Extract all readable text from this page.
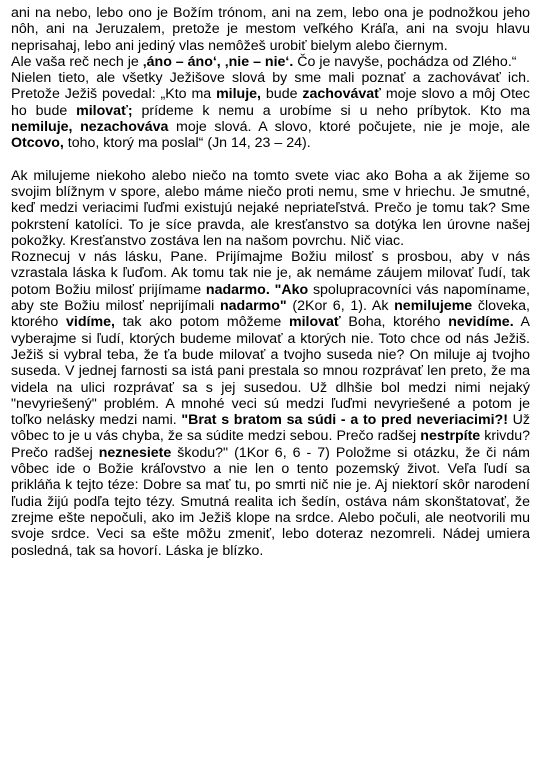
ani na nebo, lebo ono je Božím trónom, ani na zem, lebo ona je podnožkou jeho nôh, ani na Jeruzalem, pretože je mestom veľkého Kráľa, ani na svoju hlavu neprisahaj, lebo ani jediný vlas nemôžeš urobiť bielym alebo čiernym.

Ale vaša reč nech je ‚áno – áno‘, ‚nie – nie‘. Čo je navyše, pochádza od Zlého.“

Nielen tieto, ale všetky Ježišove slová by sme mali poznať a zachovávať ich. Pretože Ježiš povedal: „Kto ma miluje, bude zachovávať moje slovo a môj Otec ho bude milovať; prídeme k nemu a urobíme si u neho príbytok. Kto ma nemiluje, nezachováva moje slová. A slovo, ktoré počujete, nie je moje, ale Otcovo, toho, ktorý ma poslal“ (Jn 14, 23 – 24).

Ak milujeme niekoho alebo niečo na tomto svete viac ako Boha a ak žijeme so svojim blížnym v spore, alebo máme niečo proti nemu, sme v hriechu. Je smutné, keď medzi veriacimi ľuďmi existujú nejaké nepriateľstvá. Prečo je tomu tak? Sme pokrstení katolíci. To je síce pravda, ale kresťanstvo sa dotýka len úrovne našej pokožky. Kresťanstvo zostáva len na našom povrchu. Nič viac.

Roznecuj v nás lásku, Pane. Prijímajme Božiu milosť s prosbou, aby v nás vzrastala láska k ľuďom. Ak tomu tak nie je, ak nemáme záujem milovať ľudí, tak potom Božiu milosť prijímame nadarmo. "Ako spolupracovníci vás napomíname, aby ste Božiu milosť neprijímali nadarmo" (2Kor 6, 1). Ak nemilujeme človeka, ktorého vidíme, tak ako potom môžeme milovať Boha, ktorého nevidíme. A vyberajme si ľudí, ktorých budeme milovať a ktorých nie. Toto chce od nás Ježiš. Ježiš si vybral teba, že ťa bude milovať a tvojho suseda nie? On miluje aj tvojho suseda. V jednej farnosti sa istá pani prestala so mnou rozprávať len preto, že ma videla na ulici rozprávať sa s jej susedou. Už dlhšie bol medzi nimi nejaký "nevyriešený" problém. A mnohé veci sú medzi ľuďmi nevyriešené a potom je toľko nelásky medzi nami. "Brat s bratom sa súdi - a to pred neveriacimi?! Už vôbec to je u vás chyba, že sa súdite medzi sebou. Prečo radšej nestrpíte krivdu? Prečo radšej neznesiete škodu?" (1Kor 6, 6 - 7) Položme si otázku, že či nám vôbec ide o Božie kráľovstvo a nie len o tento pozemský život. Veľa ľudí sa prikláňa k tejto téze: Dobre sa mať tu, po smrti nič nie je. Aj niektorí skôr narodení ľudia žijú podľa tejto tézy. Smutná realita ich šedín, ostáva nám skonštatovať, že zrejme ešte nepočuli, ako im Ježiš klope na srdce. Alebo počuli, ale neotvorili mu svoje srdce. Veci sa ešte môžu zmeniť, lebo doteraz nezomreli. Nádej umiera posledná, tak sa hovorí. Láska je blízko.
